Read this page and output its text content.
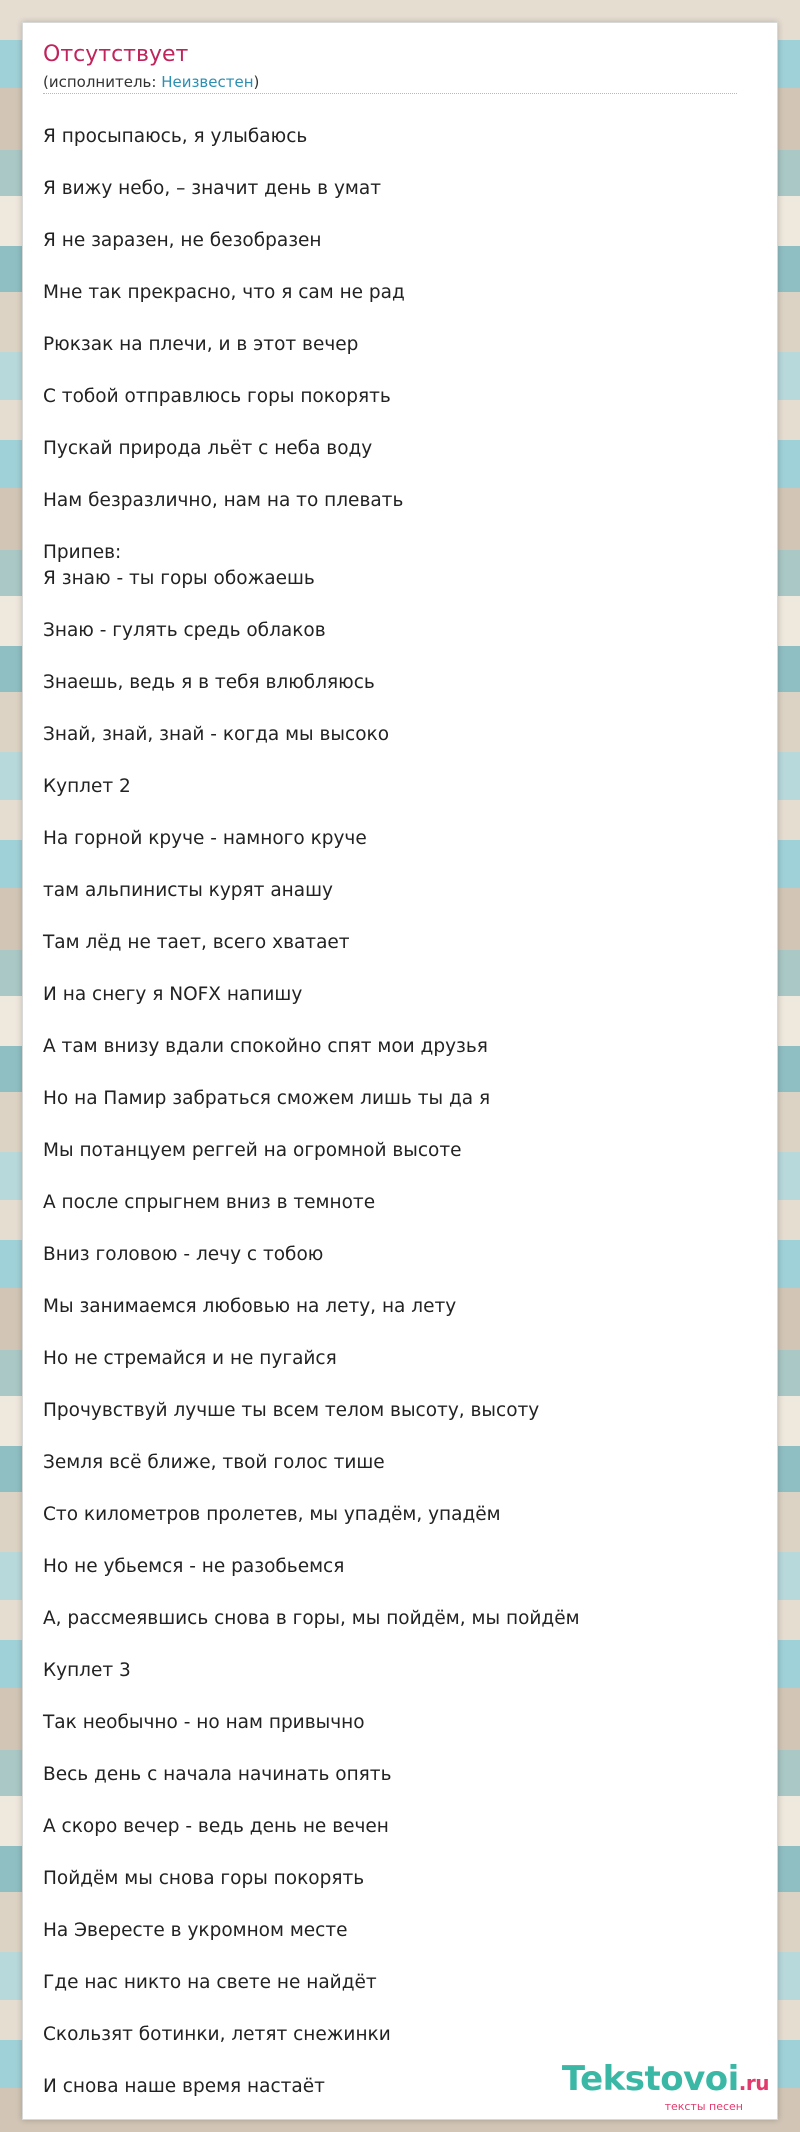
Отсутствует
(исполнитель: Неизвестен)
Я просыпаюсь, я улыбаюсь
Я вижу небо, – значит день в умат
Я не заразен, не безобразен
Мне так прекрасно, что я сам не рад
Рюкзак на плечи, и в этот вечер
С тобой отправлюсь горы покорять
Пускай природа льёт с неба воду
Нам безразлично, нам на то плевать
Припев:
Я знаю - ты горы обожаешь
Знаю - гулять средь облаков
Знаешь, ведь я в тебя влюбляюсь
Знай, знай, знай - когда мы высоко
Куплет 2
На горной круче - намного круче
там альпинисты курят анашу
Там лёд не тает, всего хватает
И на снегу я NOFX напишу
А там внизу вдали спокойно спят мои друзья
Но на Памир забраться сможем лишь ты да я
Мы потанцуем реггей на огромной высоте
А после спрыгнем вниз в темноте
Вниз головою - лечу с тобою
Мы занимаемся любовью на лету, на лету
Но не стремайся и не пугайся
Прочувствуй лучше ты всем телом высоту, высоту
Земля всё ближе, твой голос тише
Сто километров пролетев, мы упадём, упадём
Но не убьемся - не разобьемся
А, рассмеявшись снова в горы, мы пойдём, мы пойдём
Куплет 3
Так необычно - но нам привычно
Весь день с начала начинать опять
А скоро вечер - ведь день не вечен
Пойдём мы снова горы покорять
На Эвересте в укромном месте
Где нас никто на свете не найдёт
Скользят ботинки, летят снежинки
И снова наше время настаёт	Tekstovoi.ru
тексты песен
